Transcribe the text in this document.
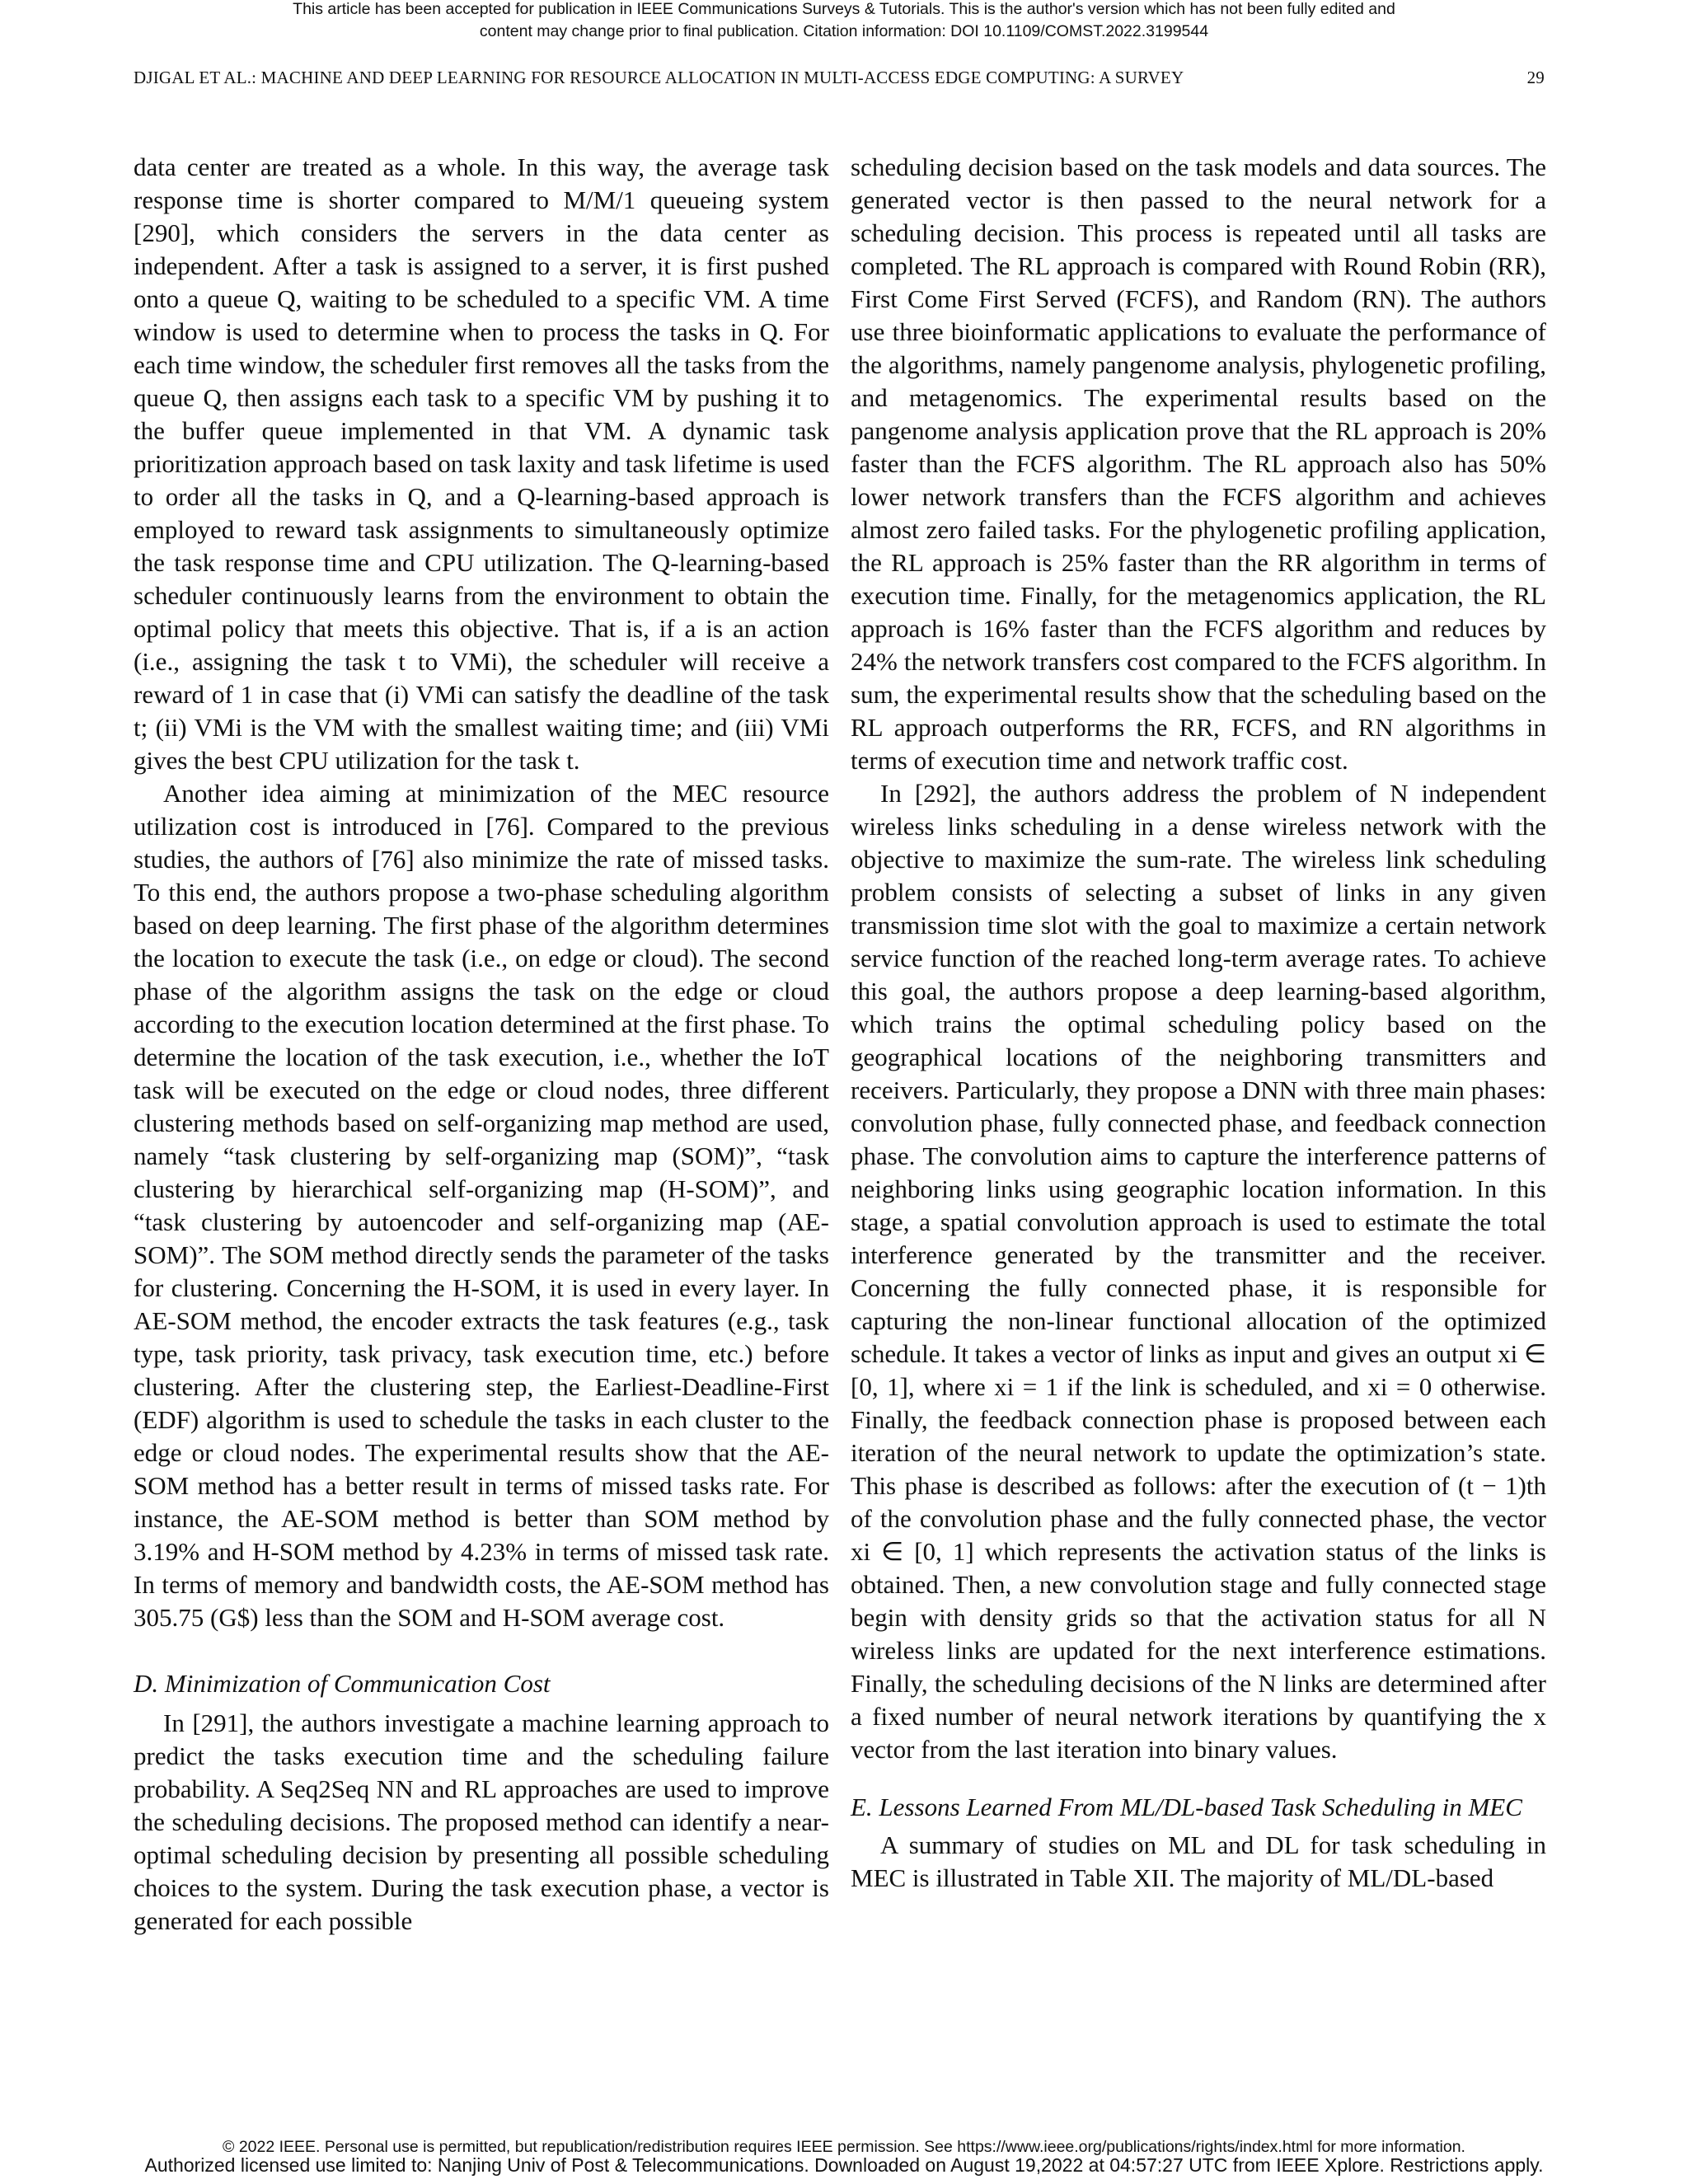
This article has been accepted for publication in IEEE Communications Surveys & Tutorials. This is the author's version which has not been fully edited and
content may change prior to final publication. Citation information: DOI 10.1109/COMST.2022.3199544
DJIGAL ET AL.: MACHINE AND DEEP LEARNING FOR RESOURCE ALLOCATION IN MULTI-ACCESS EDGE COMPUTING: A SURVEY	29

data center are treated as a whole. In this way, the average task response time is shorter compared to M/M/1 queueing system [290], which considers the servers in the data center as independent. After a task is assigned to a server, it is first pushed onto a queue Q, waiting to be scheduled to a specific VM. A time window is used to determine when to process the tasks in Q. For each time window, the scheduler first removes all the tasks from the queue Q, then assigns each task to a specific VM by pushing it to the buffer queue implemented in that VM. A dynamic task prioritization approach based on task laxity and task lifetime is used to order all the tasks in Q, and a Q-learning-based approach is employed to reward task assignments to simultaneously optimize the task response time and CPU utilization. The Q-learning-based scheduler continuously learns from the environment to obtain the optimal policy that meets this objective. That is, if a is an action (i.e., assigning the task t to VMi), the scheduler will receive a reward of 1 in case that (i) VMi can satisfy the deadline of the task t; (ii) VMi is the VM with the smallest waiting time; and (iii) VMi gives the best CPU utilization for the task t.

Another idea aiming at minimization of the MEC resource utilization cost is introduced in [76]. Compared to the previous studies, the authors of [76] also minimize the rate of missed tasks. To this end, the authors propose a two-phase scheduling algorithm based on deep learning. The first phase of the algorithm determines the location to execute the task (i.e., on edge or cloud). The second phase of the algorithm assigns the task on the edge or cloud according to the execution location determined at the first phase. To determine the location of the task execution, i.e., whether the IoT task will be executed on the edge or cloud nodes, three different clustering methods based on self-organizing map method are used, namely “task clustering by self-organizing map (SOM)”, “task clustering by hierarchical self-organizing map (H-SOM)”, and “task clustering by autoencoder and self-organizing map (AE-SOM)”. The SOM method directly sends the parameter of the tasks for clustering. Concerning the H-SOM, it is used in every layer. In AE-SOM method, the encoder extracts the task features (e.g., task type, task priority, task privacy, task execution time, etc.) before clustering. After the clustering step, the Earliest-Deadline-First (EDF) algorithm is used to schedule the tasks in each cluster to the edge or cloud nodes. The experimental results show that the AE-SOM method has a better result in terms of missed tasks rate. For instance, the AE-SOM method is better than SOM method by 3.19% and H-SOM method by 4.23% in terms of missed task rate. In terms of memory and bandwidth costs, the AE-SOM method has 305.75 (G$) less than the SOM and H-SOM average cost.

D. Minimization of Communication Cost

In [291], the authors investigate a machine learning approach to predict the tasks execution time and the scheduling failure probability. A Seq2Seq NN and RL approaches are used to improve the scheduling decisions. The proposed method can identify a near-optimal scheduling decision by presenting all possible scheduling choices to the system. During the task execution phase, a vector is generated for each possible

scheduling decision based on the task models and data sources. The generated vector is then passed to the neural network for a scheduling decision. This process is repeated until all tasks are completed. The RL approach is compared with Round Robin (RR), First Come First Served (FCFS), and Random (RN). The authors use three bioinformatic applications to evaluate the performance of the algorithms, namely pangenome analysis, phylogenetic profiling, and metagenomics. The experimental results based on the pangenome analysis application prove that the RL approach is 20% faster than the FCFS algorithm. The RL approach also has 50% lower network transfers than the FCFS algorithm and achieves almost zero failed tasks. For the phylogenetic profiling application, the RL approach is 25% faster than the RR algorithm in terms of execution time. Finally, for the metagenomics application, the RL approach is 16% faster than the FCFS algorithm and reduces by 24% the network transfers cost compared to the FCFS algorithm. In sum, the experimental results show that the scheduling based on the RL approach outperforms the RR, FCFS, and RN algorithms in terms of execution time and network traffic cost.

In [292], the authors address the problem of N independent wireless links scheduling in a dense wireless network with the objective to maximize the sum-rate. The wireless link scheduling problem consists of selecting a subset of links in any given transmission time slot with the goal to maximize a certain network service function of the reached long-term average rates. To achieve this goal, the authors propose a deep learning-based algorithm, which trains the optimal scheduling policy based on the geographical locations of the neighboring transmitters and receivers. Particularly, they propose a DNN with three main phases: convolution phase, fully connected phase, and feedback connection phase. The convolution aims to capture the interference patterns of neighboring links using geographic location information. In this stage, a spatial convolution approach is used to estimate the total interference generated by the transmitter and the receiver. Concerning the fully connected phase, it is responsible for capturing the non-linear functional allocation of the optimized schedule. It takes a vector of links as input and gives an output xi ∈ [0, 1], where xi = 1 if the link is scheduled, and xi = 0 otherwise. Finally, the feedback connection phase is proposed between each iteration of the neural network to update the optimization’s state. This phase is described as follows: after the execution of (t − 1)th of the convolution phase and the fully connected phase, the vector xi ∈ [0, 1] which represents the activation status of the links is obtained. Then, a new convolution stage and fully connected stage begin with density grids so that the activation status for all N wireless links are updated for the next interference estimations. Finally, the scheduling decisions of the N links are determined after a fixed number of neural network iterations by quantifying the x vector from the last iteration into binary values.

E. Lessons Learned From ML/DL-based Task Scheduling in MEC

A summary of studies on ML and DL for task scheduling in MEC is illustrated in Table XII. The majority of ML/DL-based

© 2022 IEEE. Personal use is permitted, but republication/redistribution requires IEEE permission. See https://www.ieee.org/publications/rights/index.html for more information.
Authorized licensed use limited to: Nanjing Univ of Post & Telecommunications. Downloaded on August 19,2022 at 04:57:27 UTC from IEEE Xplore. Restrictions apply.
